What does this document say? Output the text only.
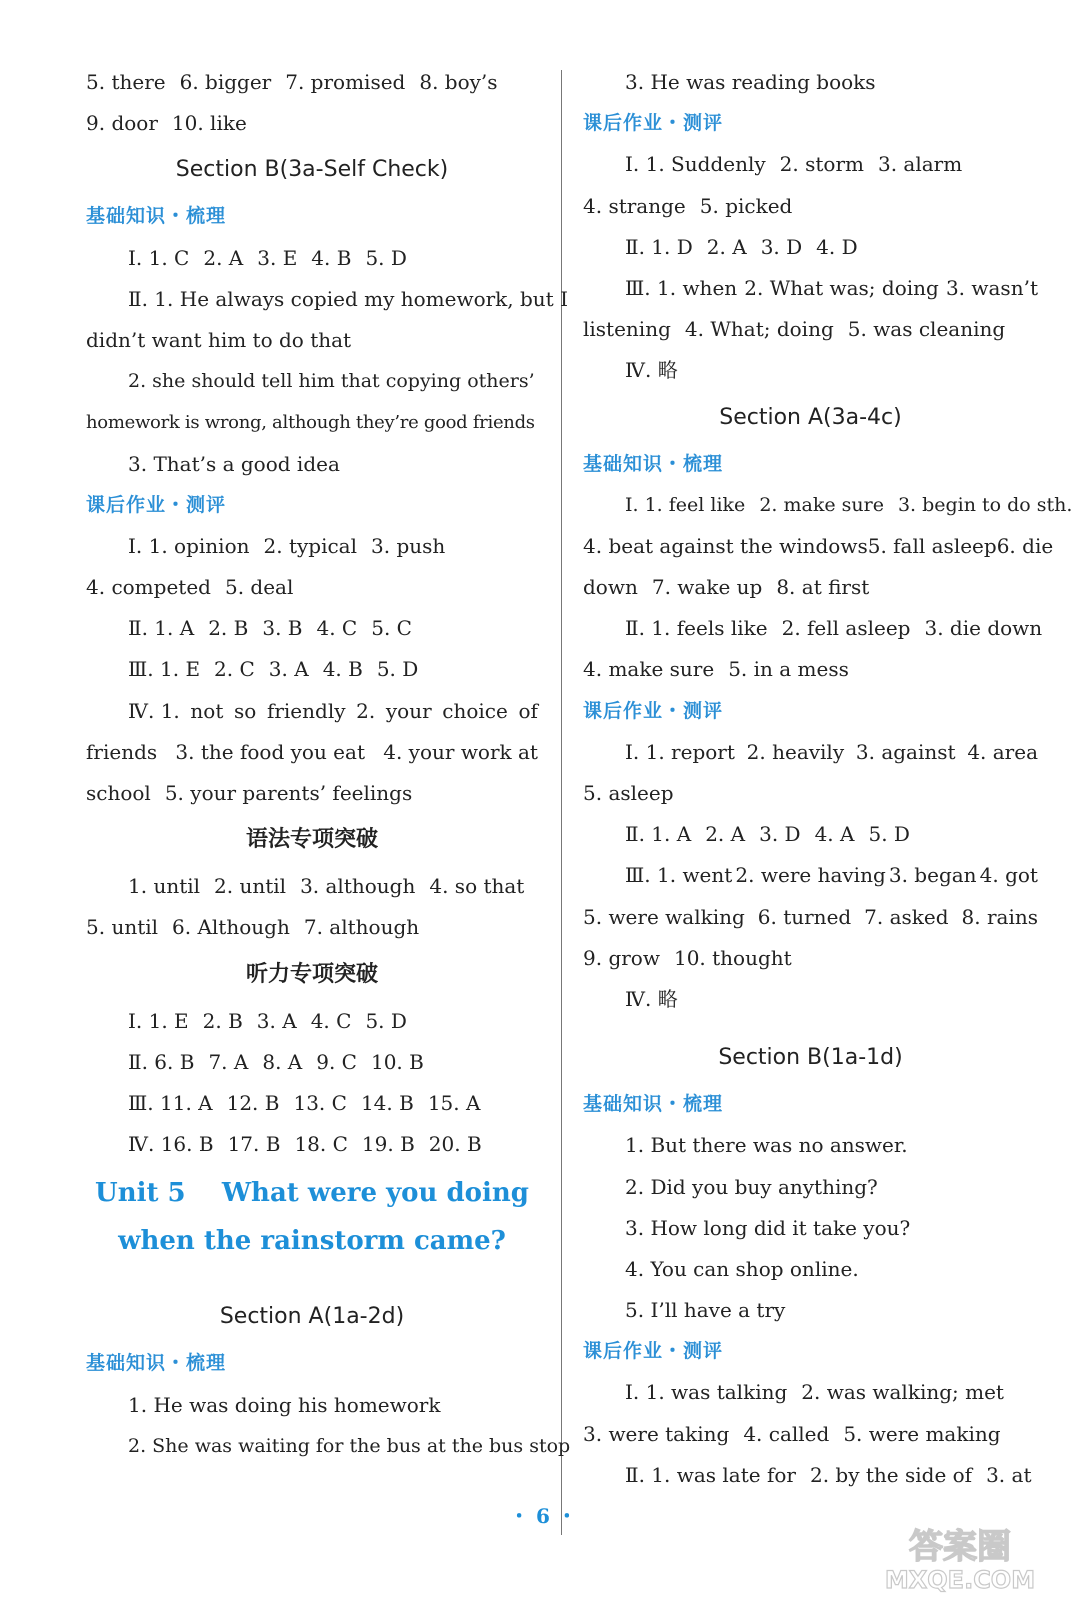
5. there 6. bigger 7. promised 8. boy’s
9. door 10. like
Section B(3a-Self Check)
基础知识・梳理
Ⅰ. 1. C 2. A 3. E 4. B 5. D
Ⅱ. 1. He always copied my homework, but I
didn’t want him to do that
2. she should tell him that copying others’
homework is wrong, although they’re good friends
3. That’s a good idea
课后作业・测评
Ⅰ. 1. opinion 2. typical 3. push
4. competed 5. deal
Ⅱ. 1. A 2. B 3. B 4. C 5. C
Ⅲ. 1. E 2. C 3. A 4. B 5. D
Ⅳ. 1. not so friendly 2. your choice of
friends 3. the food you eat 4. your work at
school 5. your parents’ feelings
语法专项突破
1. until 2. until 3. although 4. so that
5. until 6. Although 7. although
听力专项突破
Ⅰ. 1. E 2. B 3. A 4. C 5. D
Ⅱ. 6. B 7. A 8. A 9. C 10. B
Ⅲ. 11. A 12. B 13. C 14. B 15. A
Ⅳ. 16. B 17. B 18. C 19. B 20. B
Unit 5    What were you doing
when the rainstorm came?
Section A(1a-2d)
基础知识・梳理
1. He was doing his homework
2. She was waiting for the bus at the bus stop
3. He was reading books
课后作业・测评
Ⅰ. 1. Suddenly 2. storm 3. alarm
4. strange 5. picked
Ⅱ. 1. D 2. A 3. D 4. D
Ⅲ. 1. when 2. What was; doing 3. wasn’t
listening 4. What; doing 5. was cleaning
Ⅳ. 略
Section A(3a-4c)
基础知识・梳理
Ⅰ. 1. feel like 2. make sure 3. begin to do sth.
4. beat against the windows 5. fall asleep 6. die
down 7. wake up 8. at first
Ⅱ. 1. feels like 2. fell asleep 3. die down
4. make sure 5. in a mess
课后作业・测评
Ⅰ. 1. report 2. heavily 3. against 4. area
5. asleep
Ⅱ. 1. A 2. A 3. D 4. A 5. D
Ⅲ. 1. went 2. were having 3. began 4. got
5. were walking 6. turned 7. asked 8. rains
9. grow 10. thought
Ⅳ. 略
Section B(1a-1d)
基础知识・梳理
1. But there was no answer.
2. Did you buy anything?
3. How long did it take you?
4. You can shop online.
5. I’ll have a try
课后作业・测评
Ⅰ. 1. was talking 2. was walking; met
3. were taking 4. called 5. were making
Ⅱ. 1. was late for 2. by the side of 3. at
・ 6 ・
答案圈
MXQE.COM
